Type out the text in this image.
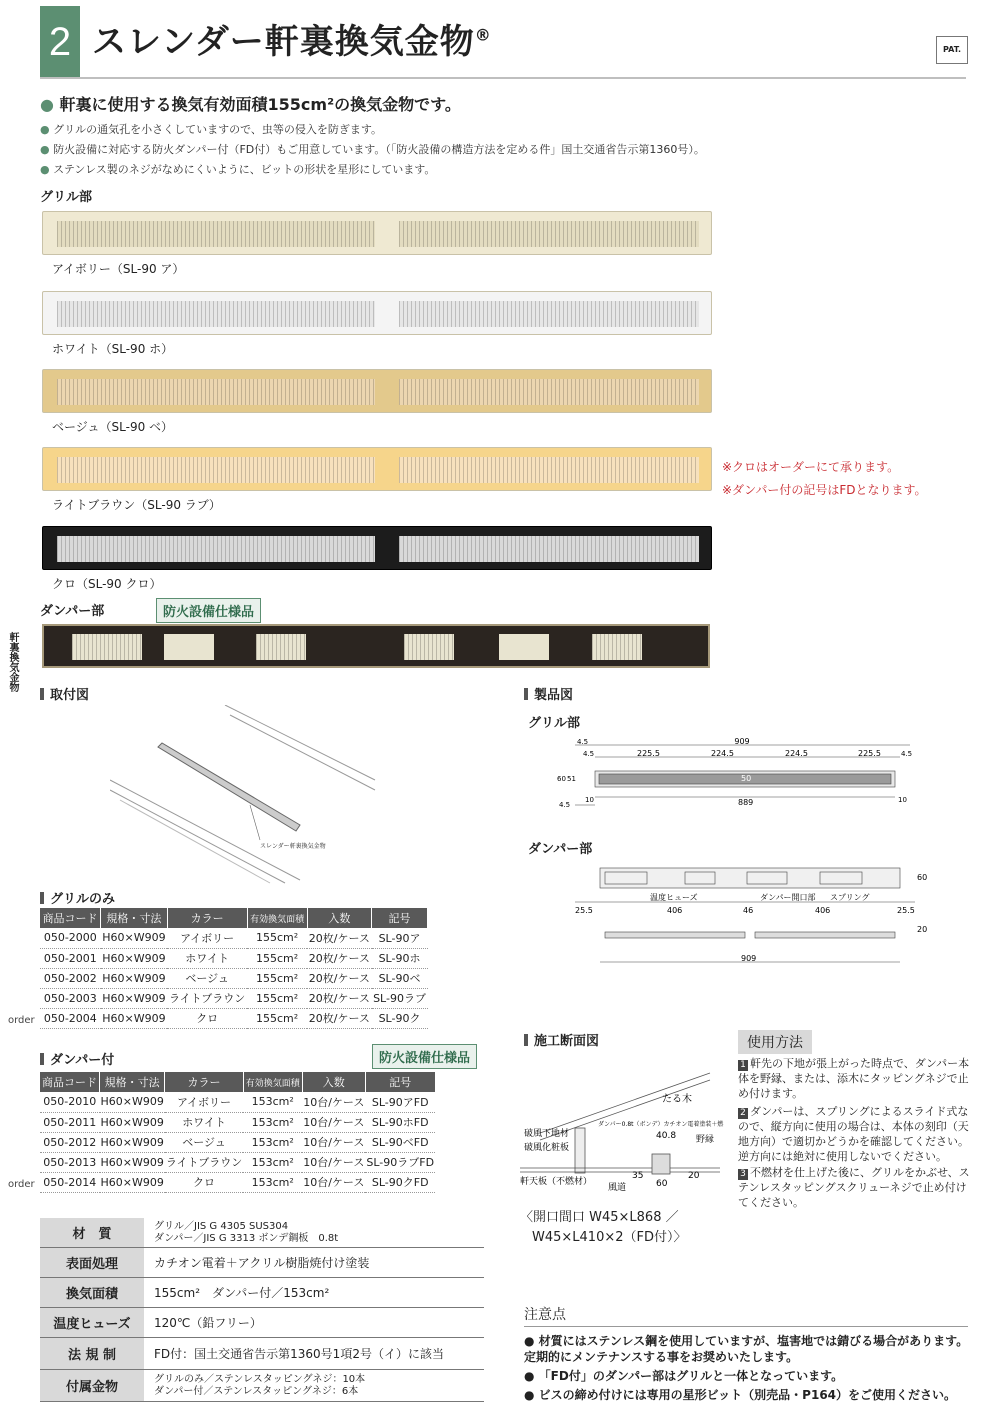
2 スレンダー軒裏換気金物®
PAT.
● 軒裏に使用する換気有効面積155cm²の換気金物です。
● グリルの通気孔を小さくしていますので、虫等の侵入を防ぎます。
● 防火設備に対応する防火ダンパー付（FD付）もご用意しています。（「防火設備の構造方法を定める件」国土交通省告示第1360号）。
● ステンレス製のネジがなめにくいように、ビットの形状を星形にしています。
グリル部
アイボリー（SL-90 ア）
ホワイト（SL-90 ホ）
ベージュ（SL-90 ベ）
ライトブラウン（SL-90 ラブ）
クロ（SL-90 クロ）
※クロはオーダーにて承ります。
※ダンパー付の記号はFDとなります。
ダンパー部	防火設備仕様品
軒裏換気金物
取付図
スレンダー軒裏換気金物
製品図
グリル部
909
4.5
4.5	225.5	224.5	224.5	225.5	4.5
50
60 51
10	889	10
4.5
ダンパー部
温度ヒューズ	ダンパー開口部 スプリング
406	46	406
25.5	25.5
60
20
909
グリルのみ
商品コード	規格・寸法	カラー	有効換気面積	入数	記号
050-2000	H60×W909	アイボリー	155cm²	20枚/ケース	SL-90ア
050-2001	H60×W909	ホワイト	155cm²	20枚/ケース	SL-90ホ
050-2002	H60×W909	ベージュ	155cm²	20枚/ケース	SL-90ベ
050-2003	H60×W909	ライトブラウン	155cm²	20枚/ケース	SL-90ラブ
050-2004	H60×W909	クロ	155cm²	20枚/ケース	SL-90ク
order
ダンパー付	防火設備仕様品
商品コード	規格・寸法	カラー	有効換気面積	入数	記号
050-2010	H60×W909	アイボリー	153cm²	10台/ケース	SL-90アFD
050-2011	H60×W909	ホワイト	153cm²	10台/ケース	SL-90ホFD
050-2012	H60×W909	ベージュ	153cm²	10台/ケース	SL-90ベFD
050-2013	H60×W909	ライトブラウン	153cm²	10台/ケース	SL-90ラブFD
050-2014	H60×W909	クロ	153cm²	10台/ケース	SL-90クFD
order
施工断面図
たる木
破風下地材
破風化粧板
ダンパー0.8t（ボンデ）カチオン電着塗装＋燃
40.8 野縁
35	20
軒天板（不燃材）
風道	60
〈開口間口 W45×L868 ／
W45×L410×2（FD付）〉
使用方法
1 軒先の下地が張上がった時点で、ダンパー本体を野縁、または、添木にタッピングネジで止め付けます。
2 ダンパーは、スプリングによるスライド式なので、縦方向に使用の場合は、本体の刻印（天地方向）で適切かどうかを確認してください。逆方向には絶対に使用しないでください。
3 不燃材を仕上げた後に、グリルをかぶせ、ステンレスタッピングスクリューネジで止め付けてください。
材　質
グリル／JIS G 4305 SUS304
ダンパー／JIS G 3313 ボンデ鋼板　0.8t
表面処理	カチオン電着＋アクリル樹脂焼付け塗装
換気面積	155cm²　ダンパー付／153cm²
温度ヒューズ	120℃（鉛フリー）
法 規 制	FD付：国土交通省告示第1360号1項2号（イ）に該当
付属金物
グリルのみ／ステンレスタッピングネジ：10本
ダンパー付／ステンレスタッピングネジ：6本
注意点
● 材質にはステンレス鋼を使用していますが、塩害地では錆びる場合があります。定期的にメンテナンスする事をお奨めいたします。
● 「FD付」のダンパー部はグリルと一体となっています。
● ビスの締め付けには専用の星形ビット（別売品・P164）をご使用ください。
